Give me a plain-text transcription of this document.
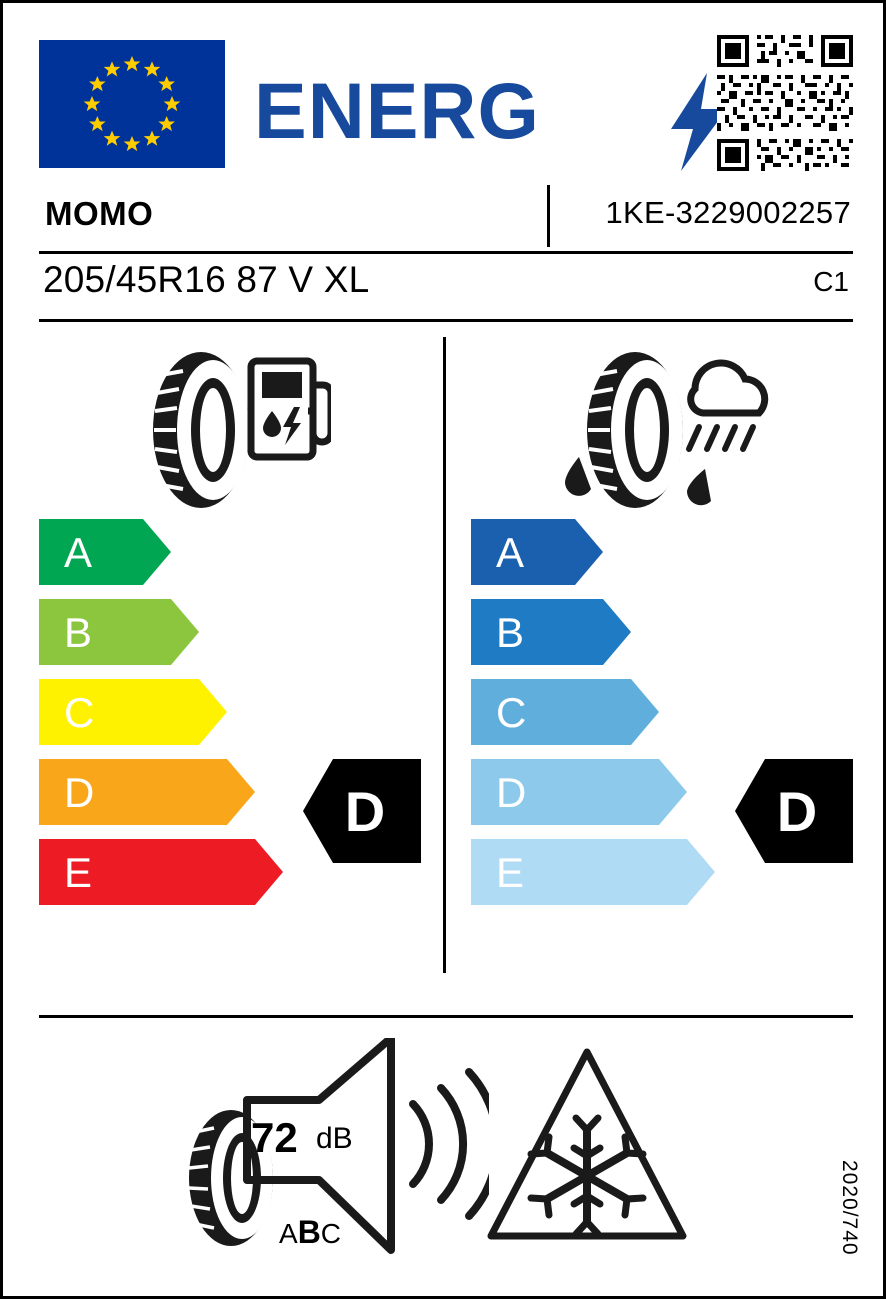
ENERG
MOMO	1KE-3229002257
205/45R16 87 V XL	C1
A
B
C
D
E
D
A
B
C
D
E
D
72 dB
ABC	2020/740
